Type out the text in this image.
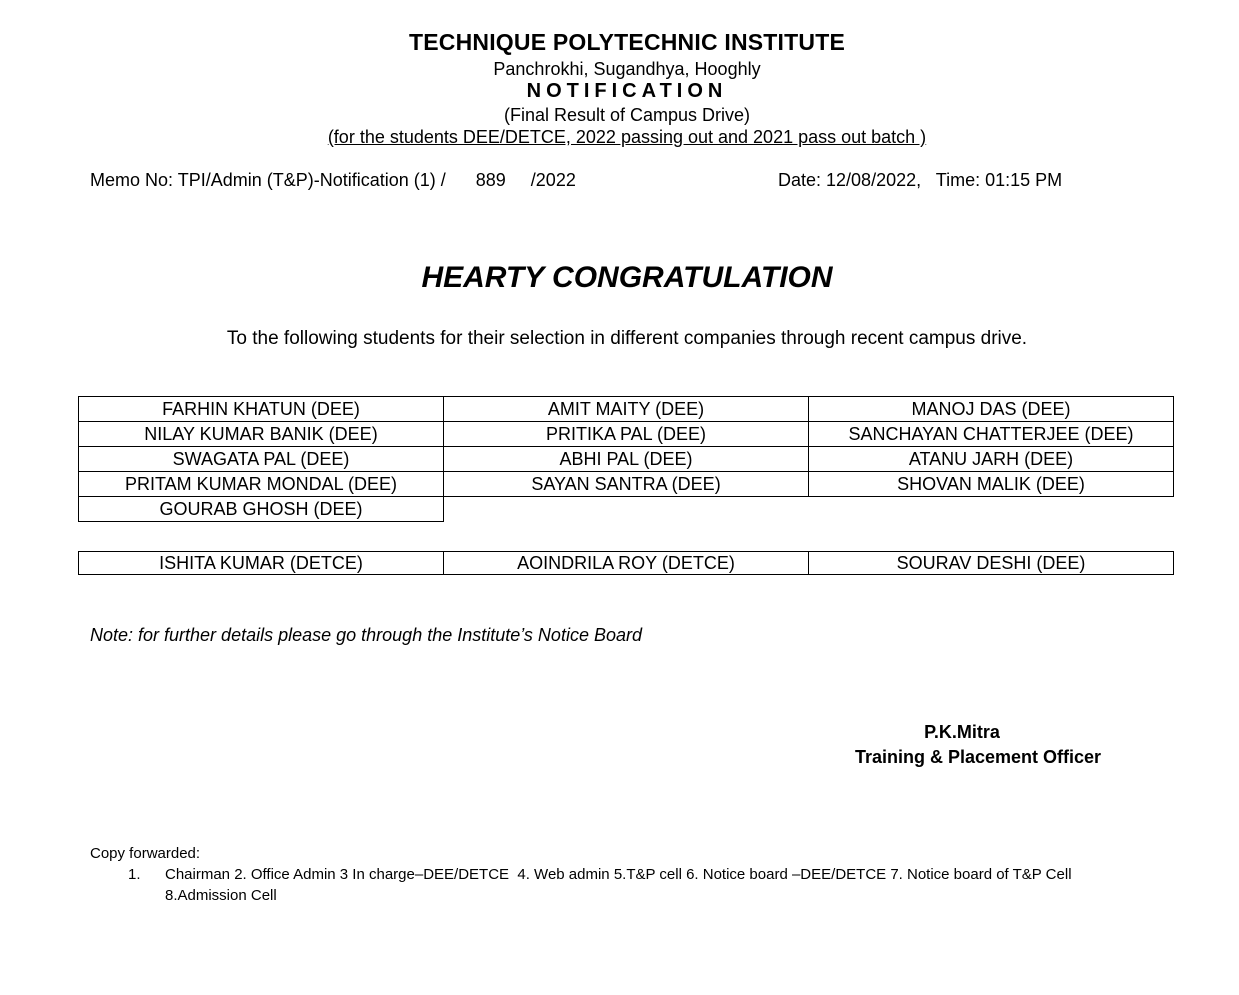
TECHNIQUE POLYTECHNIC INSTITUTE
Panchrokhi, Sugandhya, Hooghly
NOTIFICATION
(Final Result of Campus Drive)
(for the students DEE/DETCE, 2022 passing out and 2021 pass out batch )
Memo No: TPI/Admin (T&P)-Notification (1) /      889     /2022	Date: 12/08/2022,   Time: 01:15 PM
HEARTY CONGRATULATION
To the following students for their selection in different companies through recent campus drive.
FARHIN KHATUN (DEE)	AMIT MAITY (DEE)	MANOJ DAS (DEE)
NILAY KUMAR BANIK (DEE)	PRITIKA PAL (DEE)	SANCHAYAN CHATTERJEE (DEE)
SWAGATA PAL (DEE)	ABHI PAL (DEE)	ATANU JARH (DEE)
PRITAM KUMAR MONDAL (DEE)	SAYAN SANTRA (DEE)	SHOVAN MALIK (DEE)
GOURAB GHOSH (DEE)		
ISHITA KUMAR (DETCE)	AOINDRILA ROY (DETCE)	SOURAV DESHI (DEE)
Note: for further details please go through the Institute’s Notice Board
P.K.Mitra
Training & Placement Officer
Copy forwarded:
1. Chairman 2. Office Admin 3 In charge–DEE/DETCE  4. Web admin 5.T&P cell 6. Notice board –DEE/DETCE 7. Notice board of T&P Cell
8.Admission Cell
